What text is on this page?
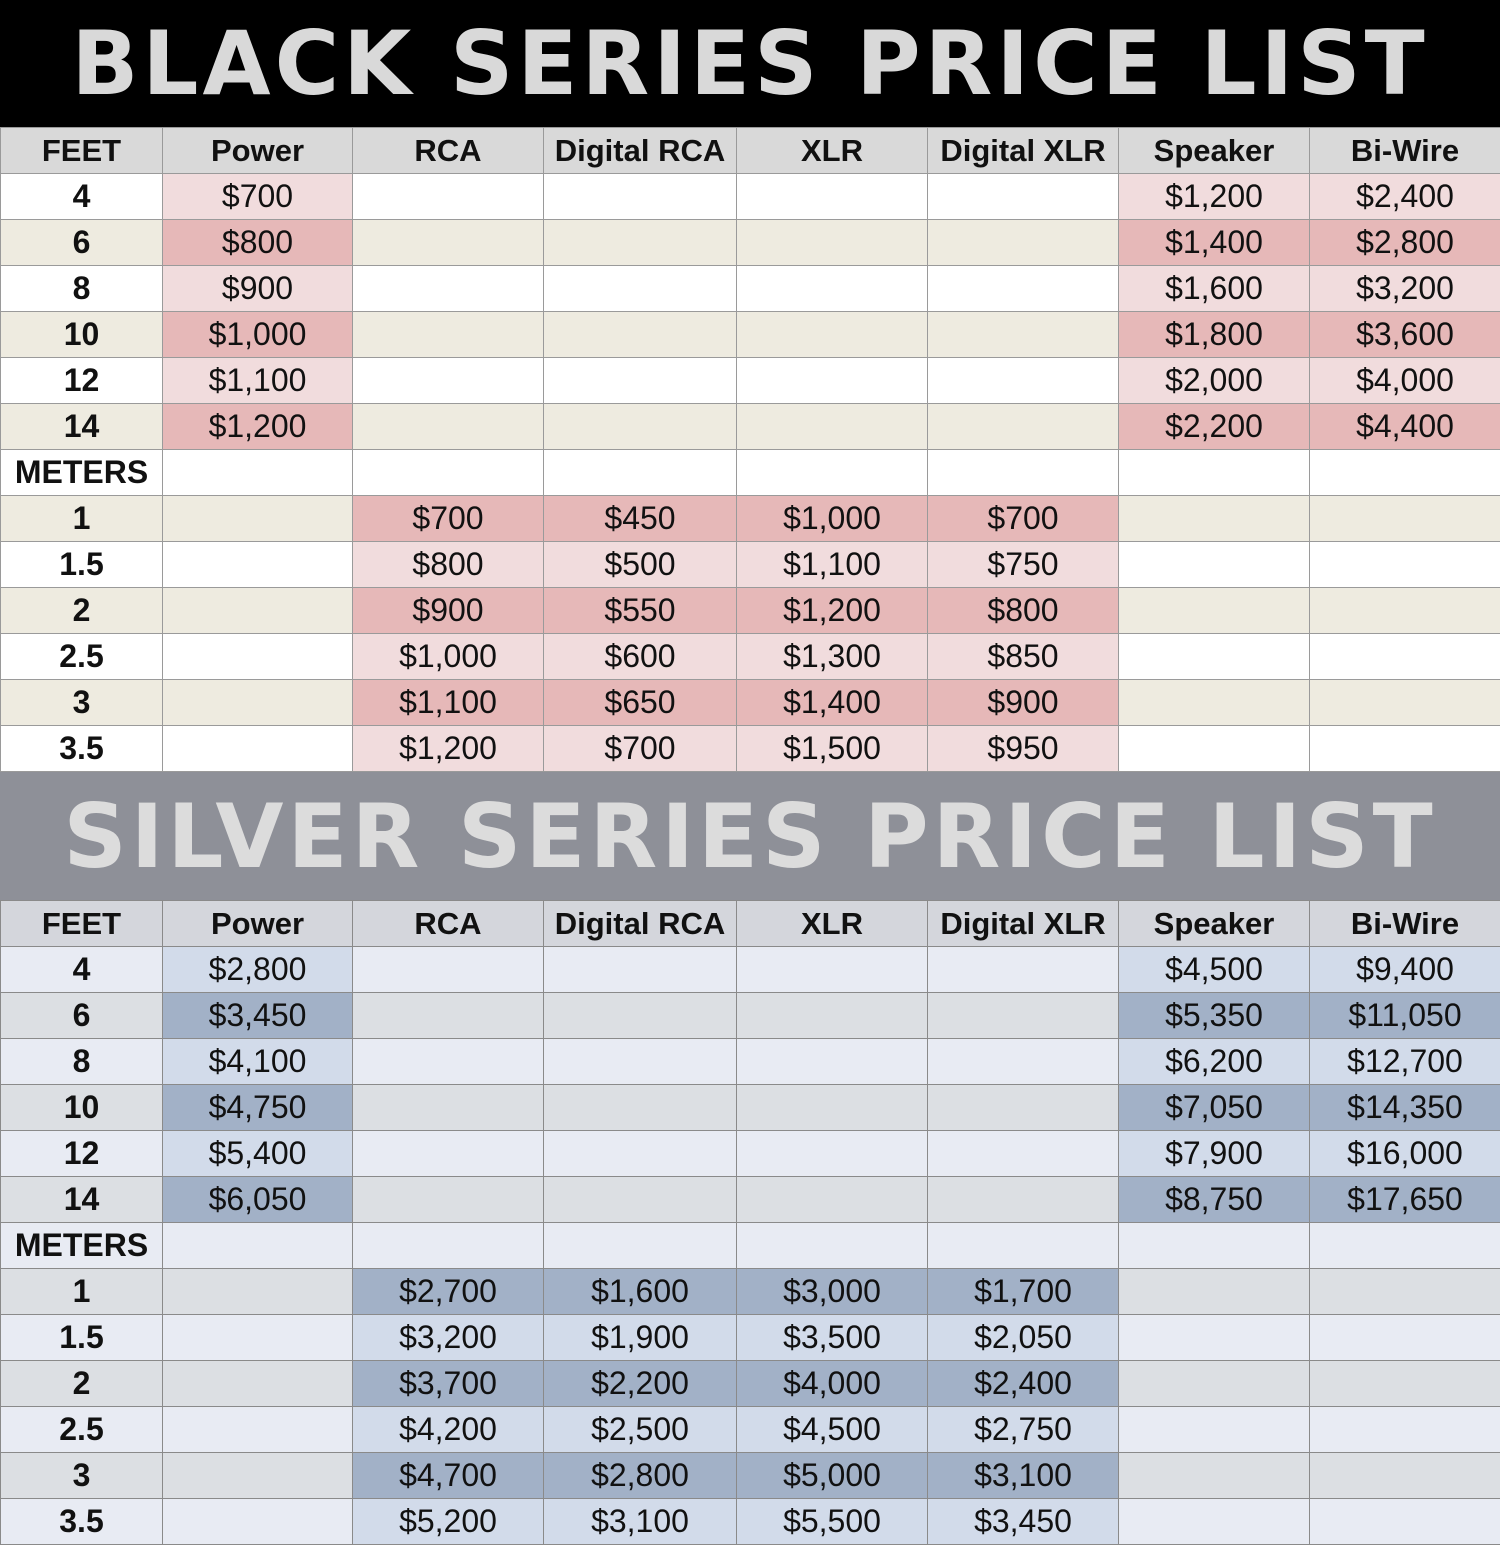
BLACK SERIES PRICE LIST
FEET	Power	RCA	Digital RCA	XLR	Digital XLR	Speaker	Bi-Wire
4	$700					$1,200	$2,400
6	$800					$1,400	$2,800
8	$900					$1,600	$3,200
10	$1,000					$1,800	$3,600
12	$1,100					$2,000	$4,000
14	$1,200					$2,200	$4,400
METERS							
1		$700	$450	$1,000	$700		
1.5		$800	$500	$1,100	$750		
2		$900	$550	$1,200	$800		
2.5		$1,000	$600	$1,300	$850		
3		$1,100	$650	$1,400	$900		
3.5		$1,200	$700	$1,500	$950		
SILVER SERIES PRICE LIST
FEET	Power	RCA	Digital RCA	XLR	Digital XLR	Speaker	Bi-Wire
4	$2,800					$4,500	$9,400
6	$3,450					$5,350	$11,050
8	$4,100					$6,200	$12,700
10	$4,750					$7,050	$14,350
12	$5,400					$7,900	$16,000
14	$6,050					$8,750	$17,650
METERS							
1		$2,700	$1,600	$3,000	$1,700		
1.5		$3,200	$1,900	$3,500	$2,050		
2		$3,700	$2,200	$4,000	$2,400		
2.5		$4,200	$2,500	$4,500	$2,750		
3		$4,700	$2,800	$5,000	$3,100		
3.5		$5,200	$3,100	$5,500	$3,450		
